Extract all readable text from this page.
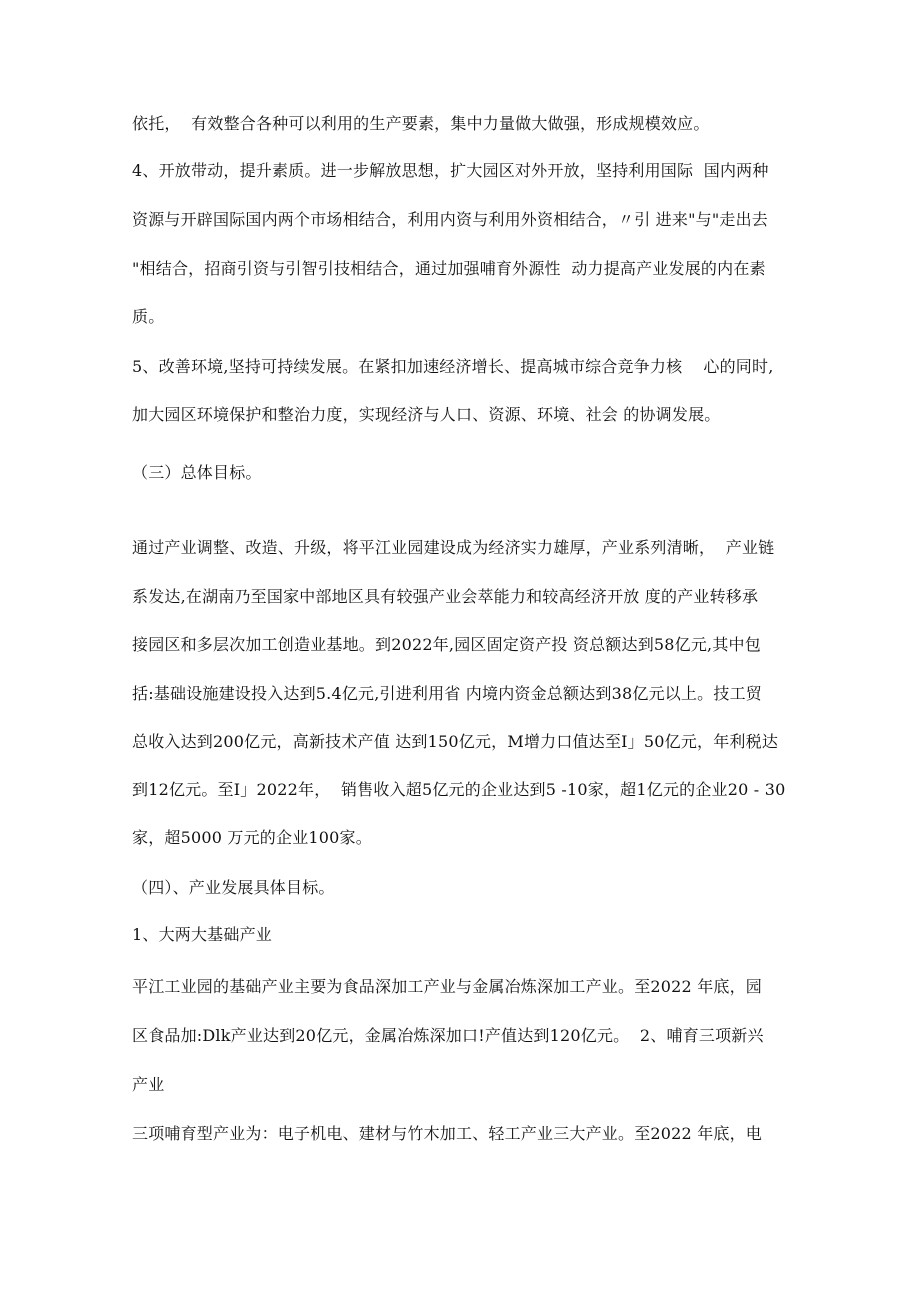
依托，  有效整合各种可以利用的生产要素，集中力量做大做强，形成规模效应。
4、开放带动，提升素质。进一步解放思想，扩大园区对外开放，坚持利用国际  国内两种
资源与开辟国际国内两个市场相结合，利用内资与利用外资相结合，〃引 进来"与"走出去
"相结合，招商引资与引智引技相结合，通过加强哺育外源性  动力提高产业发展的内在素
质。
5、改善环境,坚持可持续发展。在紧扣加速经济增长、提高城市综合竞争力核    心的同时,
加大园区环境保护和整治力度，实现经济与人口、资源、环境、社会 的协调发展。
（三）总体目标。
通过产业调整、改造、升级，将平江业园建设成为经济实力雄厚，产业系列清晰，  产业链
系发达,在湖南乃至国家中部地区具有较强产业会萃能力和较高经济开放 度的产业转移承
接园区和多层次加工创造业基地。到2022年,园区固定资产投 资总额达到58亿元,其中包
括:基础设施建设投入达到5.4亿元,引进利用省 内境内资金总额达到38亿元以上。技工贸
总收入达到200亿元，高新技术产值 达到150亿元，M增力口值达至I」50亿元，年利税达
到12亿元。至I」2022年，  销售收入超5亿元的企业达到5 -10家，超1亿元的企业20 - 30
家，超5000 万元的企业100家。
（四）、产业发展具体目标。
1、大两大基础产业
平江工业园的基础产业主要为食品深加工产业与金属冶炼深加工产业。至2022 年底，园
区食品加:Dlk产业达到20亿元，金属冶炼深加口!产值达到120亿元。  2、哺育三项新兴
产业
三项哺育型产业为：电子机电、建材与竹木加工、轻工产业三大产业。至2022 年底，电
